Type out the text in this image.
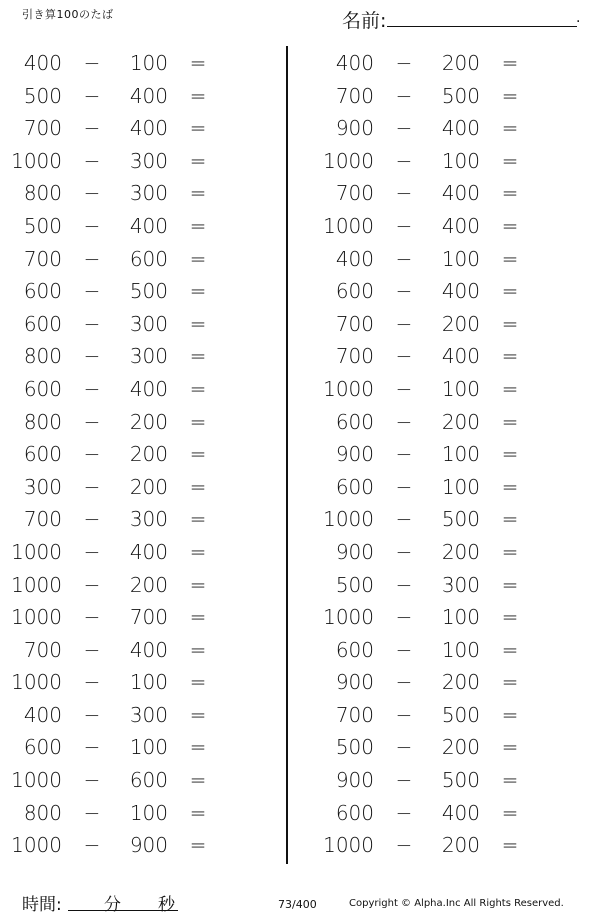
引き算100のたば	名前:	.
400 −	100 =
500 −	400 =
700 −	400 =
1000 −	300 =
800 −	300 =
500 −	400 =
700 −	600 =
600 −	500 =
600 −	300 =
800 −	300 =
600 −	400 =
800 −	200 =
600 −	200 =
300 −	200 =
700 −	300 =
1000 −	400 =
1000 −	200 =
1000 −	700 =
700 −	400 =
1000 −	100 =
400 −	300 =
600 −	100 =
1000 −	600 =
800 −	100 =
1000 −	900 =
400 −	200 =
700 −	500 =
900 −	400 =
1000 −	100 =
700 −	400 =
1000 −	400 =
400 −	100 =
600 −	400 =
700 −	200 =
700 −	400 =
1000 −	100 =
600 −	200 =
900 −	100 =
600 −	100 =
1000 −	500 =
900 −	200 =
500 −	300 =
1000 −	100 =
600 −	100 =
900 −	200 =
700 −	500 =
500 −	200 =
900 −	500 =
600 −	400 =
1000 −	200 =
時間: 分 秒	73/400	Copyright © Alpha.Inc All Rights Reserved.
